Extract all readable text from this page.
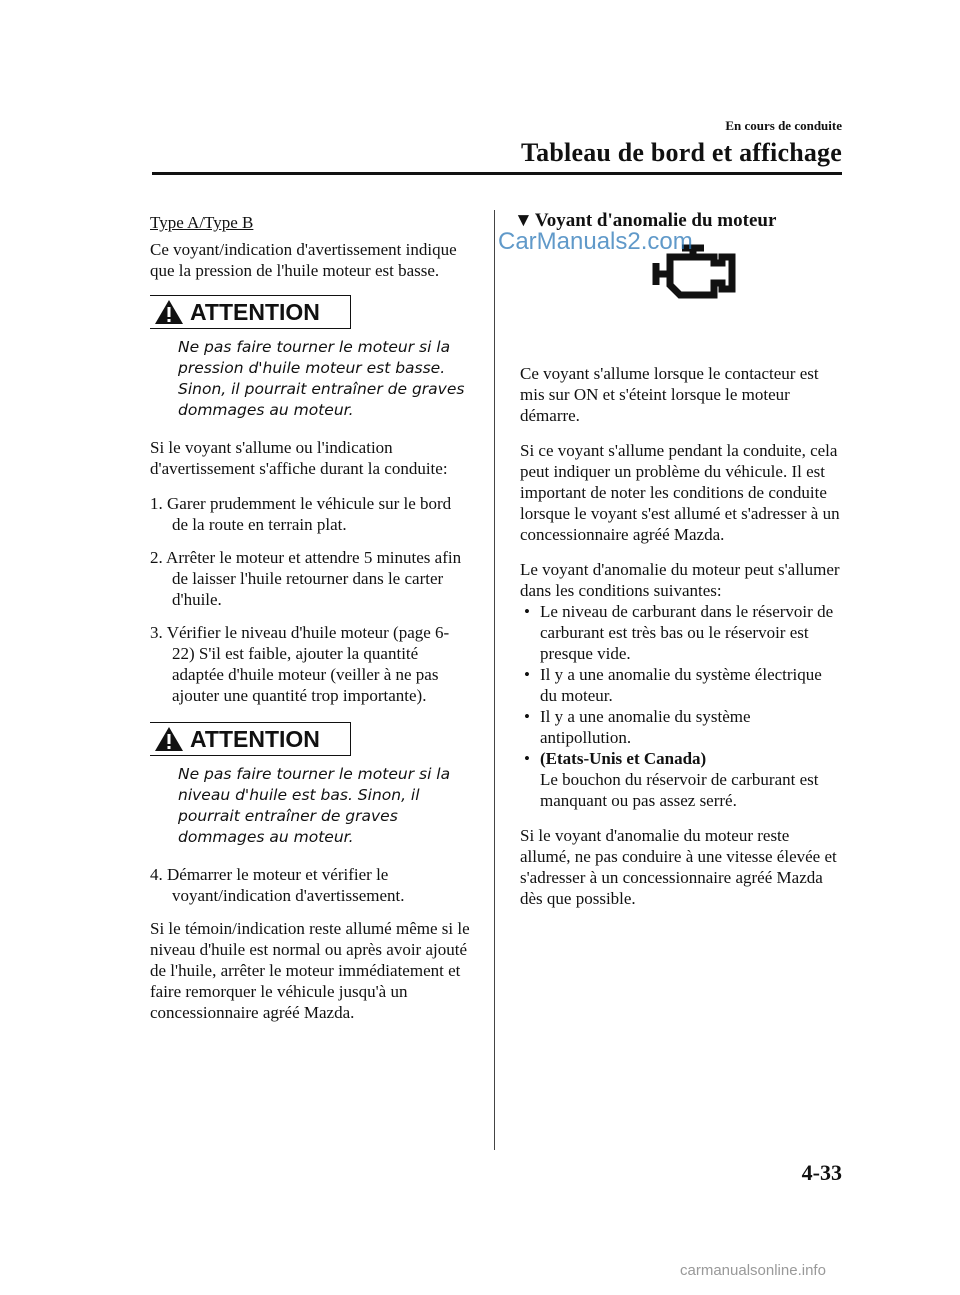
En cours de conduite
Tableau de bord et affichage
Type A/Type B

Ce voyant/indication d'avertissement indique que la pression de l'huile moteur est basse.

ATTENTION
Ne pas faire tourner le moteur si la pression d'huile moteur est basse. Sinon, il pourrait entraîner de graves dommages au moteur.

Si le voyant s'allume ou l'indication d'avertissement s'affiche durant la conduite:

1. Garer prudemment le véhicule sur le bord de la route en terrain plat.
2. Arrêter le moteur et attendre 5 minutes afin de laisser l'huile retourner dans le carter d'huile.
3. Vérifier le niveau d'huile moteur (page 6-22) S'il est faible, ajouter la quantité adaptée d'huile moteur (veiller à ne pas ajouter une quantité trop importante).
ATTENTION
Ne pas faire tourner le moteur si la niveau d'huile est bas. Sinon, il pourrait entraîner de graves dommages au moteur.
4. Démarrer le moteur et vérifier le voyant/indication d'avertissement.

Si le témoin/indication reste allumé même si le niveau d'huile est normal ou après avoir ajouté de l'huile, arrêter le moteur immédiatement et faire remorquer le véhicule jusqu'à un concessionnaire agréé Mazda.

▼ Voyant d'anomalie du moteur

Ce voyant s'allume lorsque le contacteur est mis sur ON et s'éteint lorsque le moteur démarre.

Si ce voyant s'allume pendant la conduite, cela peut indiquer un problème du véhicule. Il est important de noter les conditions de conduite lorsque le voyant s'est allumé et s'adresser à un concessionnaire agréé Mazda.

Le voyant d'anomalie du moteur peut s'allumer dans les conditions suivantes:

• Le niveau de carburant dans le réservoir de carburant est très bas ou le réservoir est presque vide.
• Il y a une anomalie du système électrique du moteur.
• Il y a une anomalie du système antipollution.
• (Etats-Unis et Canada)
Le bouchon du réservoir de carburant est manquant ou pas assez serré.

Si le voyant d'anomalie du moteur reste allumé, ne pas conduire à une vitesse élevée et s'adresser à un concessionnaire agréé Mazda dès que possible.

CarManuals2.com
4-33
carmanualsonline.info
